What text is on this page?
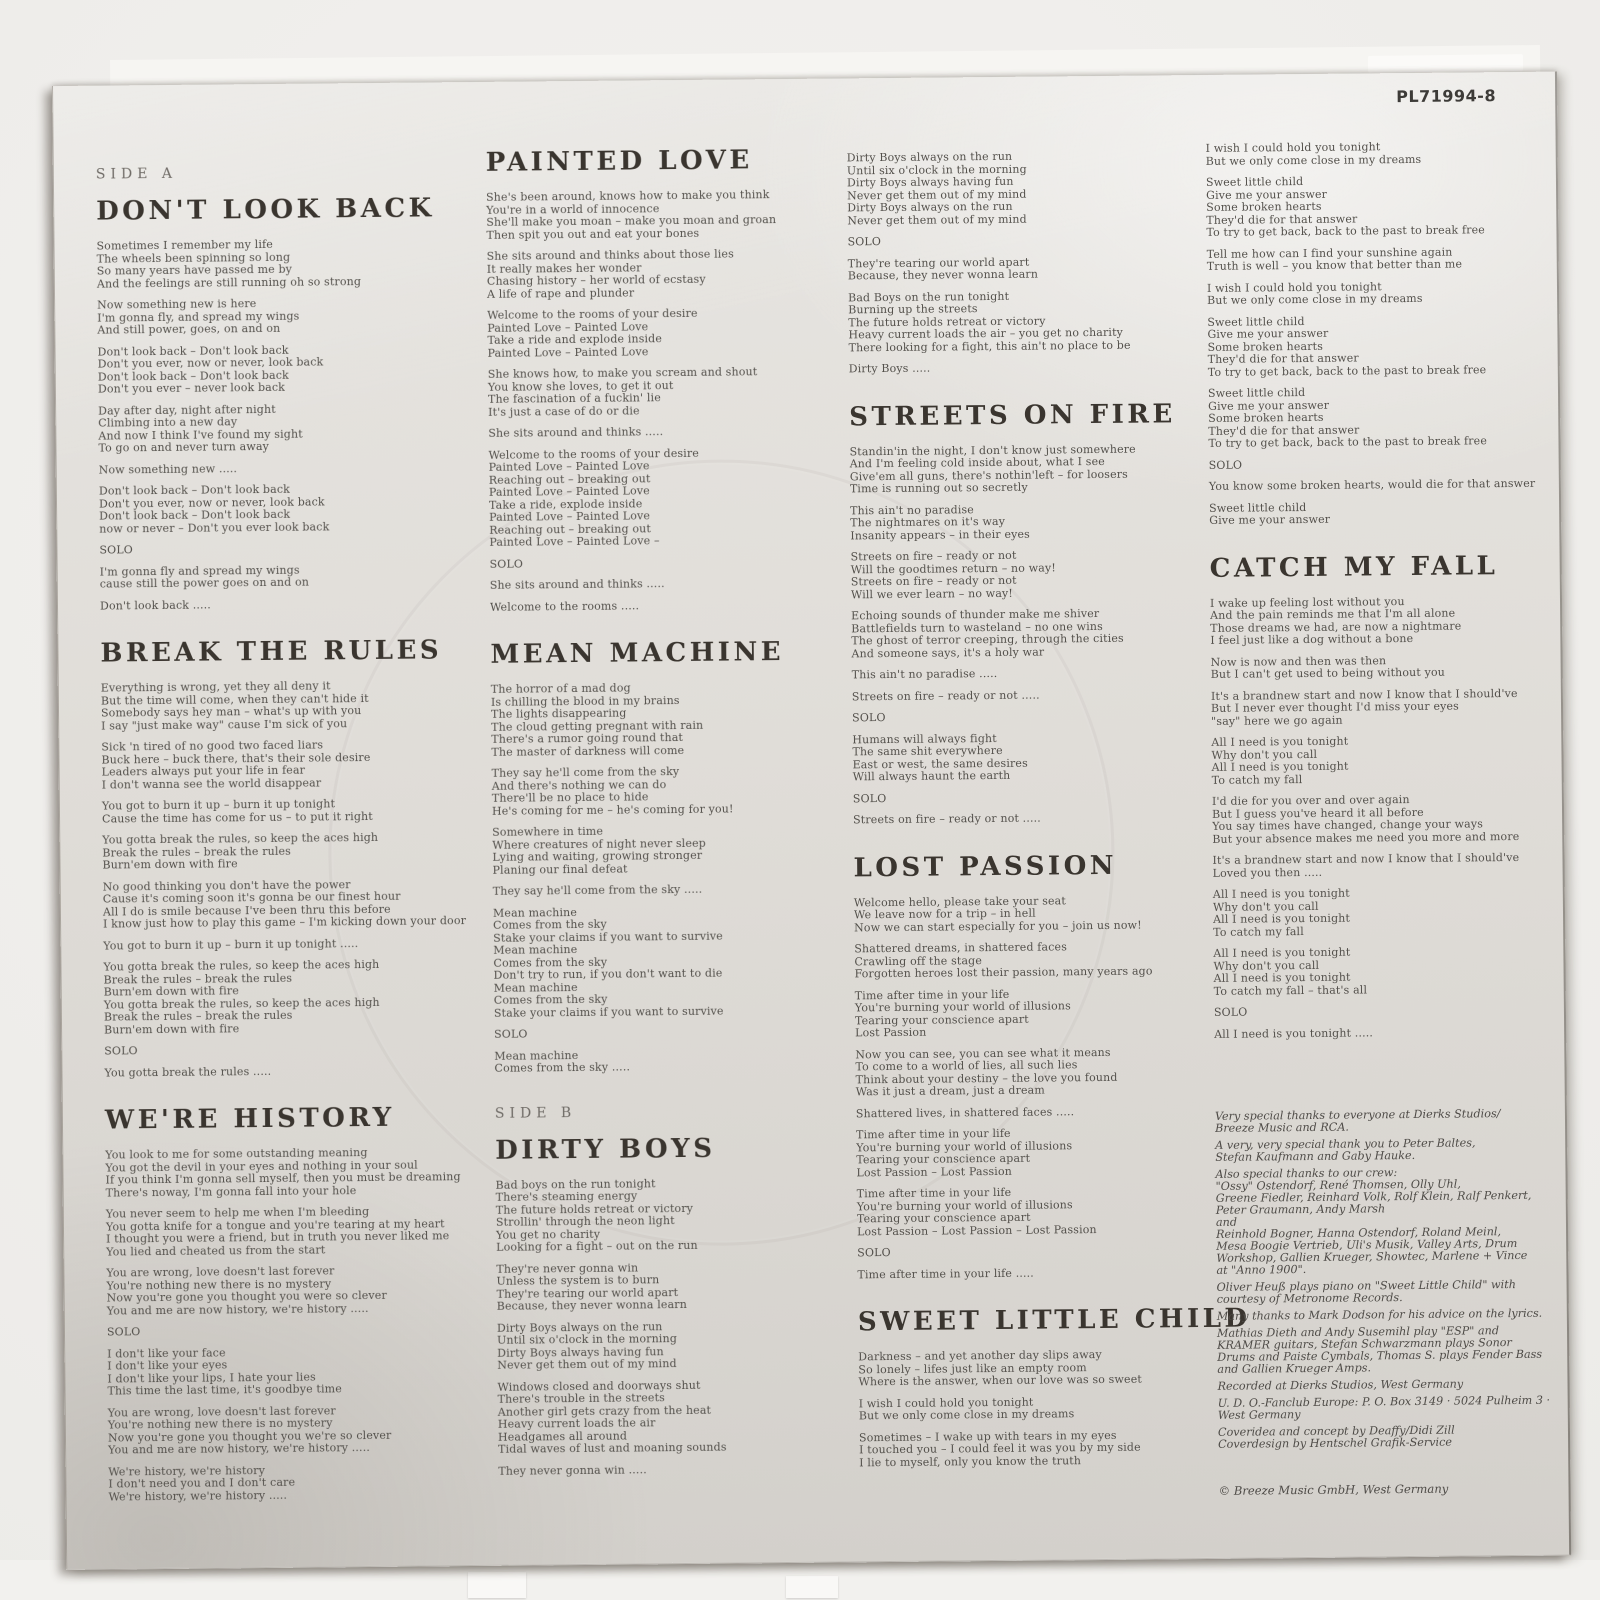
PL71994-8
SIDE A
DON'T LOOK BACK
Sometimes I remember my life
The wheels been spinning so long
So many years have passed me by
And the feelings are still running oh so strong
Now something new is here
I'm gonna fly, and spread my wings
And still power, goes, on and on
Don't look back – Don't look back
Don't you ever, now or never, look back
Don't look back – Don't look back
Don't you ever – never look back
Day after day, night after night
Climbing into a new day
And now I think I've found my sight
To go on and never turn away
Now something new .....
Don't look back – Don't look back
Don't you ever, now or never, look back
Don't look back – Don't look back
now or never – Don't you ever look back
SOLO
I'm gonna fly and spread my wings
cause still the power goes on and on
Don't look back .....
BREAK THE RULES
Everything is wrong, yet they all deny it
But the time will come, when they can't hide it
Somebody says hey man – what's up with you
I say "just make way" cause I'm sick of you
Sick 'n tired of no good two faced liars
Buck here – buck there, that's their sole desire
Leaders always put your life in fear
I don't wanna see the world disappear
You got to burn it up – burn it up tonight
Cause the time has come for us – to put it right
You gotta break the rules, so keep the aces high
Break the rules – break the rules
Burn'em down with fire
No good thinking you don't have the power
Cause it's coming soon it's gonna be our finest hour
All I do is smile because I've been thru this before
I know just how to play this game – I'm kicking down your door
You got to burn it up – burn it up tonight .....
You gotta break the rules, so keep the aces high
Break the rules – break the rules
Burn'em down with fire
You gotta break the rules, so keep the aces high
Break the rules – break the rules
Burn'em down with fire
SOLO
You gotta break the rules .....
WE'RE HISTORY
You look to me for some outstanding meaning
You got the devil in your eyes and nothing in your soul
If you think I'm gonna sell myself, then you must be dreaming
There's noway, I'm gonna fall into your hole
You never seem to help me when I'm bleeding
You gotta knife for a tongue and you're tearing at my heart
I thought you were a friend, but in truth you never liked me
You lied and cheated us from the start
You are wrong, love doesn't last forever
You're nothing new there is no mystery
Now you're gone you thought you were so clever
You and me are now history, we're history .....
SOLO
I don't like your face
I don't like your eyes
I don't like your lips, I hate your lies
This time the last time, it's goodbye time
You are wrong, love doesn't last forever
You're nothing new there is no mystery
Now you're gone you thought you we're so clever
You and me are now history, we're history .....
We're history, we're history
I don't need you and I don't care
We're history, we're history .....
PAINTED LOVE
She's been around, knows how to make you think
You're in a world of innocence
She'll make you moan – make you moan and groan
Then spit you out and eat your bones
She sits around and thinks about those lies
It really makes her wonder
Chasing history – her world of ecstasy
A life of rape and plunder
Welcome to the rooms of your desire
Painted Love – Painted Love
Take a ride and explode inside
Painted Love – Painted Love
She knows how, to make you scream and shout
You know she loves, to get it out
The fascination of a fuckin' lie
It's just a case of do or die
She sits around and thinks .....
Welcome to the rooms of your desire
Painted Love – Painted Love
Reaching out – breaking out
Painted Love – Painted Love
Take a ride, explode inside
Painted Love – Painted Love
Reaching out – breaking out
Painted Love – Painted Love –
SOLO
She sits around and thinks .....
Welcome to the rooms .....
MEAN MACHINE
The horror of a mad dog
Is chilling the blood in my brains
The lights disappearing
The cloud getting pregnant with rain
There's a rumor going round that
The master of darkness will come
They say he'll come from the sky
And there's nothing we can do
There'll be no place to hide
He's coming for me – he's coming for you!
Somewhere in time
Where creatures of night never sleep
Lying and waiting, growing stronger
Planing our final defeat
They say he'll come from the sky .....
Mean machine
Comes from the sky
Stake your claims if you want to survive
Mean machine
Comes from the sky
Don't try to run, if you don't want to die
Mean machine
Comes from the sky
Stake your claims if you want to survive
SOLO
Mean machine
Comes from the sky .....
SIDE B
DIRTY BOYS
Bad boys on the run tonight
There's steaming energy
The future holds retreat or victory
Strollin' through the neon light
You get no charity
Looking for a fight – out on the run
They're never gonna win
Unless the system is to burn
They're tearing our world apart
Because, they never wonna learn
Dirty Boys always on the run
Until six o'clock in the morning
Dirty Boys always having fun
Never get them out of my mind
Windows closed and doorways shut
There's trouble in the streets
Another girl gets crazy from the heat
Heavy current loads the air
Headgames all around
Tidal waves of lust and moaning sounds
They never gonna win .....
Dirty Boys always on the run
Until six o'clock in the morning
Dirty Boys always having fun
Never get them out of my mind
Dirty Boys always on the run
Never get them out of my mind
SOLO
They're tearing our world apart
Because, they never wonna learn
Bad Boys on the run tonight
Burning up the streets
The future holds retreat or victory
Heavy current loads the air – you get no charity
There looking for a fight, this ain't no place to be
Dirty Boys .....
STREETS ON FIRE
Standin'in the night, I don't know just somewhere
And I'm feeling cold inside about, what I see
Give'em all guns, there's nothin'left – for loosers
Time is running out so secretly
This ain't no paradise
The nightmares on it's way
Insanity appears – in their eyes
Streets on fire – ready or not
Will the goodtimes return – no way!
Streets on fire – ready or not
Will we ever learn – no way!
Echoing sounds of thunder make me shiver
Battlefields turn to wasteland – no one wins
The ghost of terror creeping, through the cities
And someone says, it's a holy war
This ain't no paradise .....
Streets on fire – ready or not .....
SOLO
Humans will always fight
The same shit everywhere
East or west, the same desires
Will always haunt the earth
SOLO
Streets on fire – ready or not .....
LOST PASSION
Welcome hello, please take your seat
We leave now for a trip – in hell
Now we can start especially for you – join us now!
Shattered dreams, in shattered faces
Crawling off the stage
Forgotten heroes lost their passion, many years ago
Time after time in your life
You're burning your world of illusions
Tearing your conscience apart
Lost Passion
Now you can see, you can see what it means
To come to a world of lies, all such lies
Think about your destiny – the love you found
Was it just a dream, just a dream
Shattered lives, in shattered faces .....
Time after time in your life
You're burning your world of illusions
Tearing your conscience apart
Lost Passion – Lost Passion
Time after time in your life
You're burning your world of illusions
Tearing your conscience apart
Lost Passion – Lost Passion – Lost Passion
SOLO
Time after time in your life .....
SWEET LITTLE CHILD
Darkness – and yet another day slips away
So lonely – lifes just like an empty room
Where is the answer, when our love was so sweet
I wish I could hold you tonight
But we only come close in my dreams
Sometimes – I wake up with tears in my eyes
I touched you – I could feel it was you by my side
I lie to myself, only you know the truth
I wish I could hold you tonight
But we only come close in my dreams
Sweet little child
Give me your answer
Some broken hearts
They'd die for that answer
To try to get back, back to the past to break free
Tell me how can I find your sunshine again
Truth is well – you know that better than me
I wish I could hold you tonight
But we only come close in my dreams
Sweet little child
Give me your answer
Some broken hearts
They'd die for that answer
To try to get back, back to the past to break free
Sweet little child
Give me your answer
Some broken hearts
They'd die for that answer
To try to get back, back to the past to break free
SOLO
You know some broken hearts, would die for that answer
Sweet little child
Give me your answer
CATCH MY FALL
I wake up feeling lost without you
And the pain reminds me that I'm all alone
Those dreams we had, are now a nightmare
I feel just like a dog without a bone
Now is now and then was then
But I can't get used to being without you
It's a brandnew start and now I know that I should've
But I never ever thought I'd miss your eyes
"say" here we go again
All I need is you tonight
Why don't you call
All I need is you tonight
To catch my fall
I'd die for you over and over again
But I guess you've heard it all before
You say times have changed, change your ways
But your absence makes me need you more and more
It's a brandnew start and now I know that I should've
Loved you then .....
All I need is you tonight
Why don't you call
All I need is you tonight
To catch my fall
All I need is you tonight
Why don't you call
All I need is you tonight
To catch my fall – that's all
SOLO
All I need is you tonight .....
Very special thanks to everyone at Dierks Studios/
Breeze Music and RCA.
A very, very special thank you to Peter Baltes,
Stefan Kaufmann and Gaby Hauke.
Also special thanks to our crew:
"Ossy" Ostendorf, René Thomsen, Olly Uhl,
Greene Fiedler, Reinhard Volk, Rolf Klein, Ralf Penkert,
Peter Graumann, Andy Marsh
and
Reinhold Bogner, Hanna Ostendorf, Roland Meinl,
Mesa Boogie Vertrieb, Uli's Musik, Valley Arts, Drum
Workshop, Gallien Krueger, Showtec, Marlene + Vince
at "Anno 1900".
Oliver Heuß plays piano on "Sweet Little Child" with
courtesy of Metronome Records.
Many thanks to Mark Dodson for his advice on the lyrics.
Mathias Dieth and Andy Susemihl play "ESP" and
KRAMER guitars, Stefan Schwarzmann plays Sonor
Drums and Paiste Cymbals, Thomas S. plays Fender Bass
and Gallien Krueger Amps.
Recorded at Dierks Studios, West Germany
U. D. O.-Fanclub Europe: P. O. Box 3149 · 5024 Pulheim 3 ·
West Germany
Coveridea and concept by Deaffy/Didi Zill
Coverdesign by Hentschel Grafik-Service
© Breeze Music GmbH, West Germany
